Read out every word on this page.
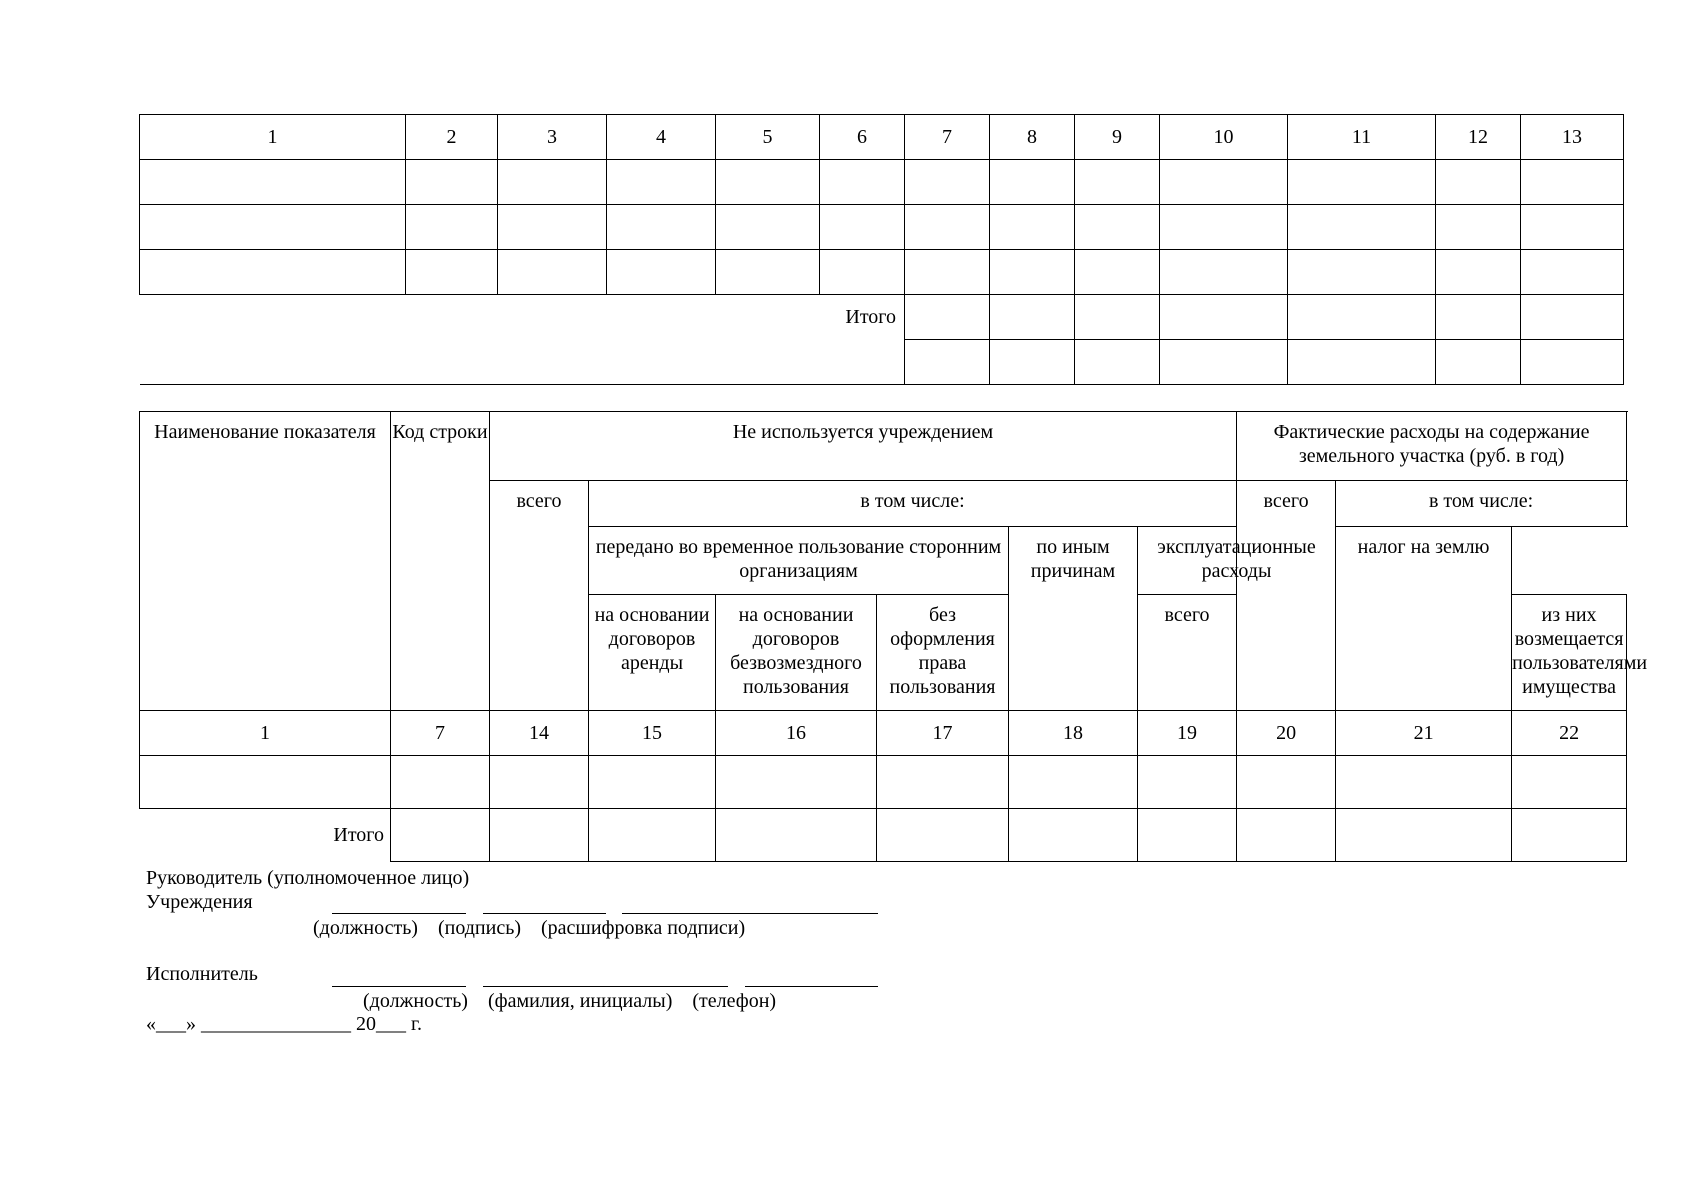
1	2	3	4	5	6	7	8	9	10	11	12	13

Итого												

Наименование показателя	Код строки	Не используется учреждением						Фактические расходы на содержание земельного участка (руб. в год)		
		всего	в том числе:					всего	в том числе:	
			передано во временное пользование сторонним организациям			по иным причинам	эксплуатационные расходы		налог на землю	
			на основании договоров аренды	на основании договоров безвозмездного пользования	без оформления права пользования		всего			из них возмещается пользователями имущества
1	7	14	15	16	17	18	19	20	21	22

Итого										
Руководитель (уполномоченное лицо)
Учреждения
(должность)    (подпись)    (расшифровка подписи)
Исполнитель
(должность)    (фамилия, инициалы)    (телефон)
«___» _______________ 20___ г.
